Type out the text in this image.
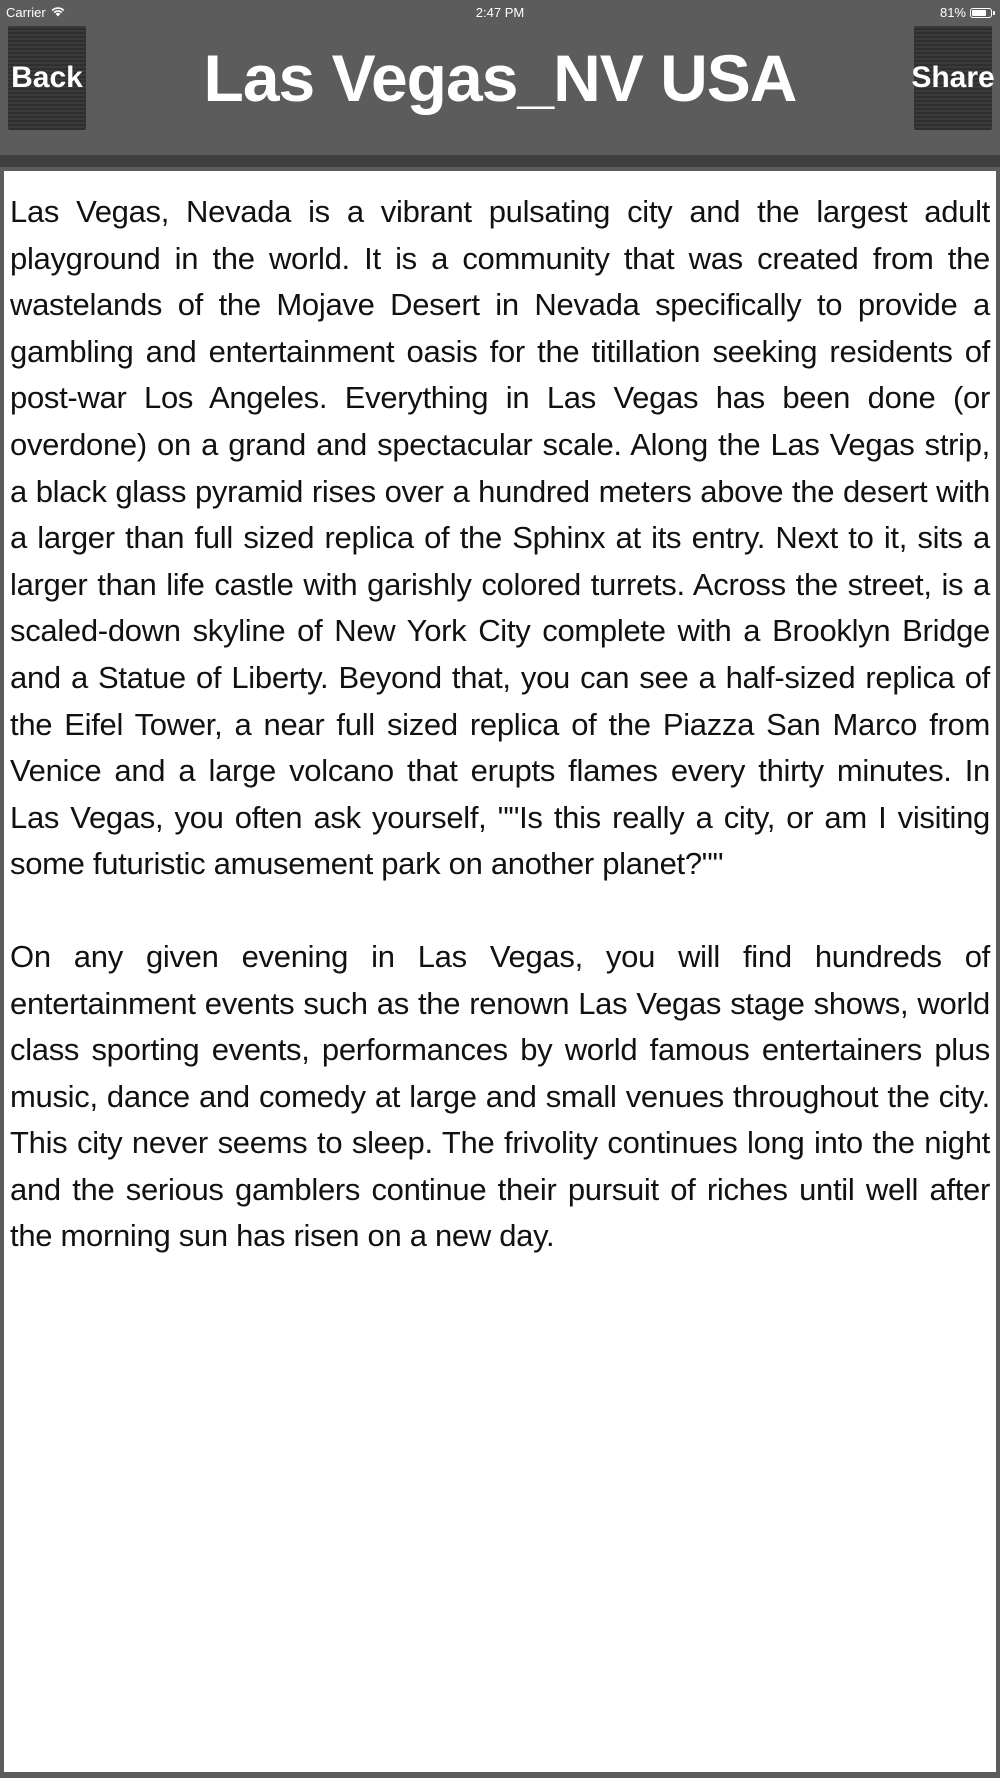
Carrier	2:47 PM	81%
Back	Las Vegas_NV USA	Share

Las Vegas, Nevada is a vibrant pulsating city and the largest adult playground in the world. It is a community that was created from the wastelands of the Mojave Desert in Nevada specifically to provide a gambling and entertainment oasis for the titillation seeking residents of post-war Los Angeles. Everything in Las Vegas has been done (or overdone) on a grand and spectacular scale. Along the Las Vegas strip, a black glass pyramid rises over a hundred meters above the desert with a larger than full sized replica of the Sphinx at its entry. Next to it, sits a larger than life castle with garishly colored turrets. Across the street, is a scaled-down skyline of New York City complete with a Brooklyn Bridge and a Statue of Liberty. Beyond that, you can see a half-sized replica of the Eifel Tower, a near full sized replica of the Piazza San Marco from Venice and a large volcano that erupts flames every thirty minutes. In Las Vegas, you often ask yourself, ""Is this really a city, or am I visiting some futuristic amusement park on another planet?""

On any given evening in Las Vegas, you will find hundreds of entertainment events such as the renown Las Vegas stage shows, world class sporting events, performances by world famous entertainers plus music, dance and comedy at large and small venues throughout the city. This city never seems to sleep. The frivolity continues long into the night and the serious gamblers continue their pursuit of riches until well after the morning sun has risen on a new day.
